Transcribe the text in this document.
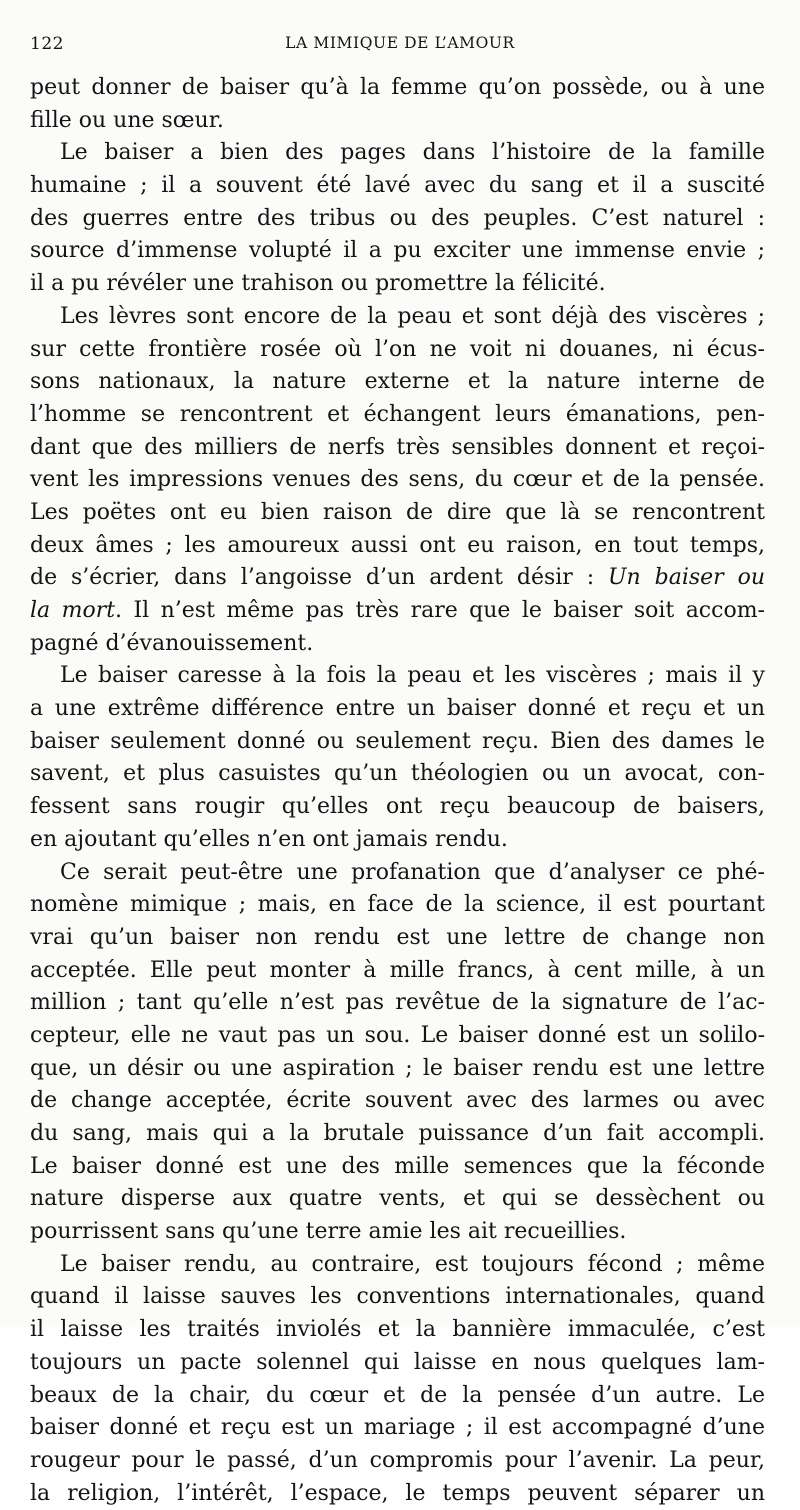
122	LA MIMIQUE DE L’AMOUR
peut donner de baiser qu’à la femme qu’on possède, ou à une
fille ou une sœur.
Le baiser a bien des pages dans l’histoire de la famille
humaine ; il a souvent été lavé avec du sang et il a suscité
des guerres entre des tribus ou des peuples. C’est naturel :
source d’immense volupté il a pu exciter une immense envie ;
il a pu révéler une trahison ou promettre la félicité.
Les lèvres sont encore de la peau et sont déjà des viscères ;
sur cette frontière rosée où l’on ne voit ni douanes, ni écus-
sons nationaux, la nature externe et la nature interne de
l’homme se rencontrent et échangent leurs émanations, pen-
dant que des milliers de nerfs très sensibles donnent et reçoi-
vent les impressions venues des sens, du cœur et de la pensée.
Les poëtes ont eu bien raison de dire que là se rencontrent
deux âmes ; les amoureux aussi ont eu raison, en tout temps,
de s’écrier, dans l’angoisse d’un ardent désir : Un baiser ou
la mort. Il n’est même pas très rare que le baiser soit accom-
pagné d’évanouissement.
Le baiser caresse à la fois la peau et les viscères ; mais il y
a une extrême différence entre un baiser donné et reçu et un
baiser seulement donné ou seulement reçu. Bien des dames le
savent, et plus casuistes qu’un théologien ou un avocat, con-
fessent sans rougir qu’elles ont reçu beaucoup de baisers,
en ajoutant qu’elles n’en ont jamais rendu.
Ce serait peut-être une profanation que d’analyser ce phé-
nomène mimique ; mais, en face de la science, il est pourtant
vrai qu’un baiser non rendu est une lettre de change non
acceptée. Elle peut monter à mille francs, à cent mille, à un
million ; tant qu’elle n’est pas revêtue de la signature de l’ac-
cepteur, elle ne vaut pas un sou. Le baiser donné est un solilo-
que, un désir ou une aspiration ; le baiser rendu est une lettre
de change acceptée, écrite souvent avec des larmes ou avec
du sang, mais qui a la brutale puissance d’un fait accompli.
Le baiser donné est une des mille semences que la féconde
nature disperse aux quatre vents, et qui se dessèchent ou
pourrissent sans qu’une terre amie les ait recueillies.
Le baiser rendu, au contraire, est toujours fécond ; même
quand il laisse sauves les conventions internationales, quand
il laisse les traités inviolés et la bannière immaculée, c’est
toujours un pacte solennel qui laisse en nous quelques lam-
beaux de la chair, du cœur et de la pensée d’un autre. Le
baiser donné et reçu est un mariage ; il est accompagné d’une
rougeur pour le passé, d’un compromis pour l’avenir. La peur,
la religion, l’intérêt, l’espace, le temps peuvent séparer un
